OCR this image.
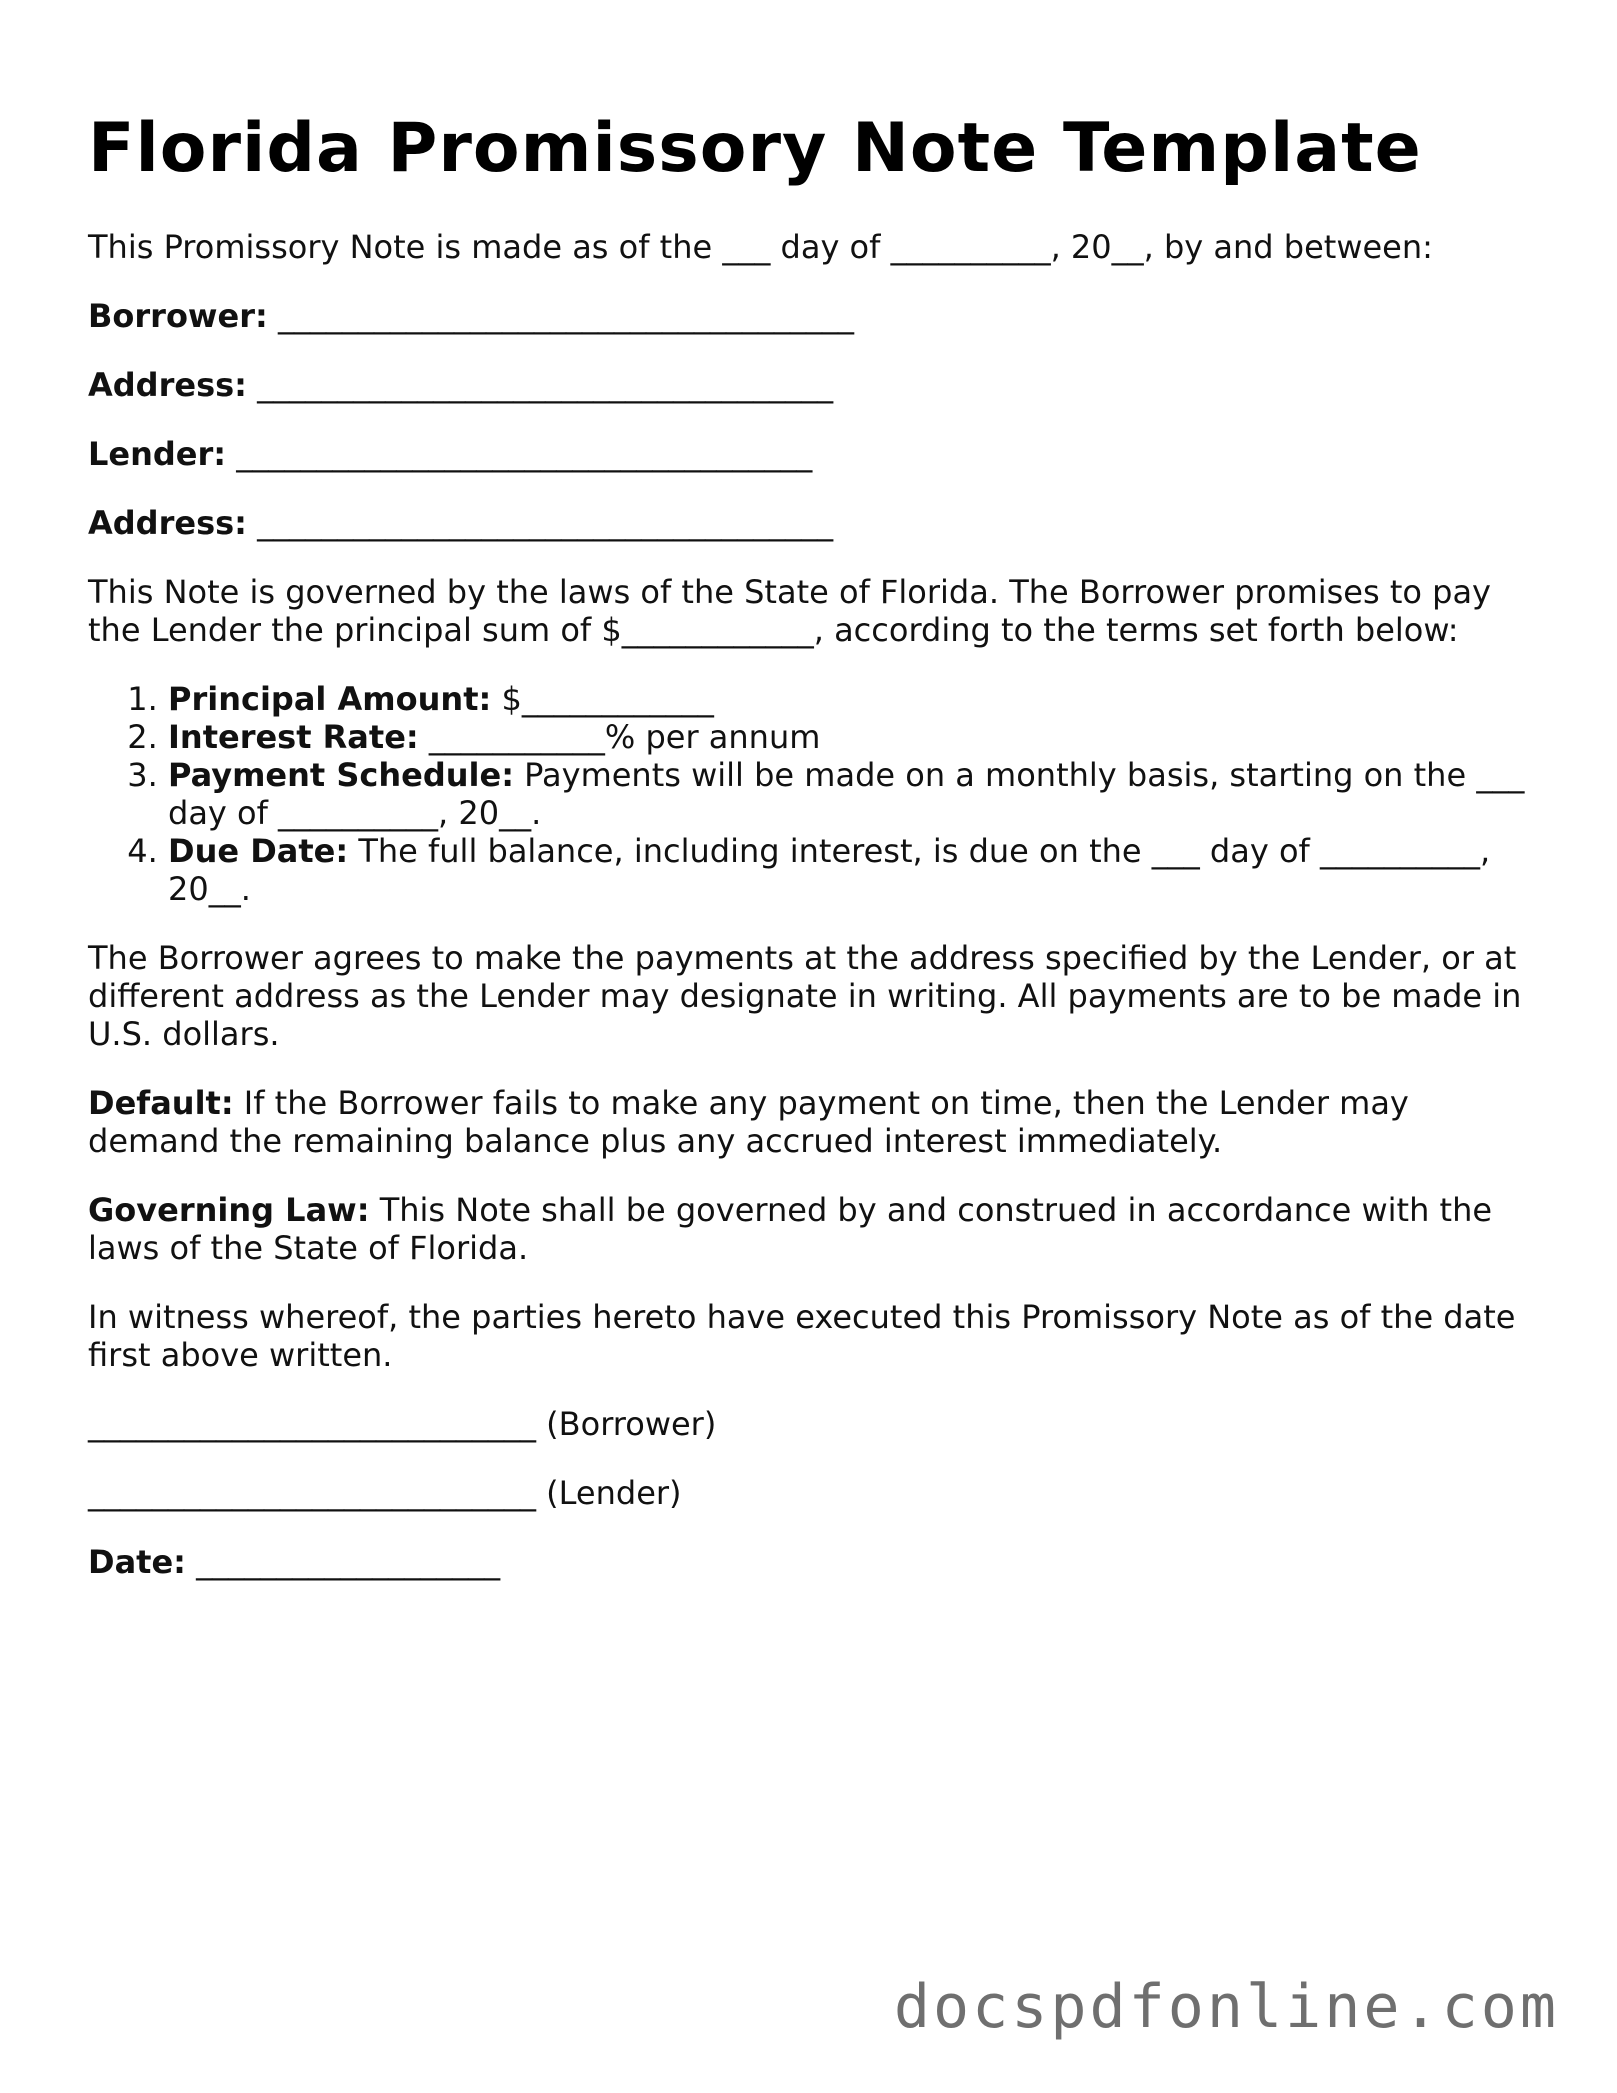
Florida Promissory Note Template

This Promissory Note is made as of the ___ day of __________, 20__, by and between:

Borrower: ____________________________________

Address: ____________________________________

Lender: ____________________________________

Address: ____________________________________

This Note is governed by the laws of the State of Florida. The Borrower promises to pay the Lender the principal sum of $____________, according to the terms set forth below:

1. Principal Amount: $____________
2. Interest Rate: ___________% per annum
3. Payment Schedule: Payments will be made on a monthly basis, starting on the ___ day of __________, 20__.
4. Due Date: The full balance, including interest, is due on the ___ day of __________, 20__.

The Borrower agrees to make the payments at the address specified by the Lender, or at different address as the Lender may designate in writing. All payments are to be made in U.S. dollars.

Default: If the Borrower fails to make any payment on time, then the Lender may demand the remaining balance plus any accrued interest immediately.

Governing Law: This Note shall be governed by and construed in accordance with the laws of the State of Florida.

In witness whereof, the parties hereto have executed this Promissory Note as of the date first above written.

____________________________ (Borrower)

____________________________ (Lender)

Date: ___________________

docspdfonline.com
